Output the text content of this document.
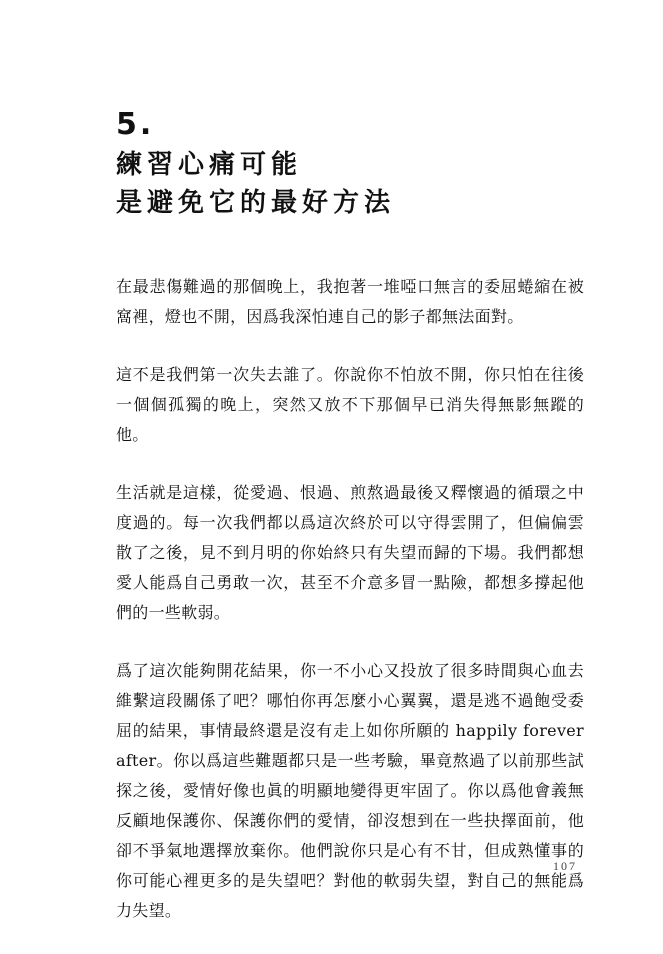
5.
練習心痛可能
是避免它的最好方法

在最悲傷難過的那個晚上，我抱著一堆啞口無言的委屈蜷縮在被窩裡，燈也不開，因爲我深怕連自己的影子都無法面對。

這不是我們第一次失去誰了。你說你不怕放不開，你只怕在往後一個個孤獨的晚上，突然又放不下那個早已消失得無影無蹤的他。

生活就是這樣，從愛過、恨過、煎熬過最後又釋懷過的循環之中度過的。每一次我們都以爲這次終於可以守得雲開了，但偏偏雲散了之後，見不到月明的你始終只有失望而歸的下場。我們都想愛人能爲自己勇敢一次，甚至不介意多冒一點險，都想多撐起他們的一些軟弱。

爲了這次能夠開花結果，你一不小心又投放了很多時間與心血去維繫這段關係了吧？哪怕你再怎麼小心翼翼，還是逃不過飽受委屈的結果，事情最終還是沒有走上如你所願的 happily forever after。你以爲這些難題都只是一些考驗，畢竟熬過了以前那些試探之後，愛情好像也眞的明顯地變得更牢固了。你以爲他會義無反顧地保護你、保護你們的愛情，卻沒想到在一些抉擇面前，他卻不爭氣地選擇放棄你。他們說你只是心有不甘，但成熟懂事的你可能心裡更多的是失望吧？對他的軟弱失望，對自己的無能爲力失望。

107
